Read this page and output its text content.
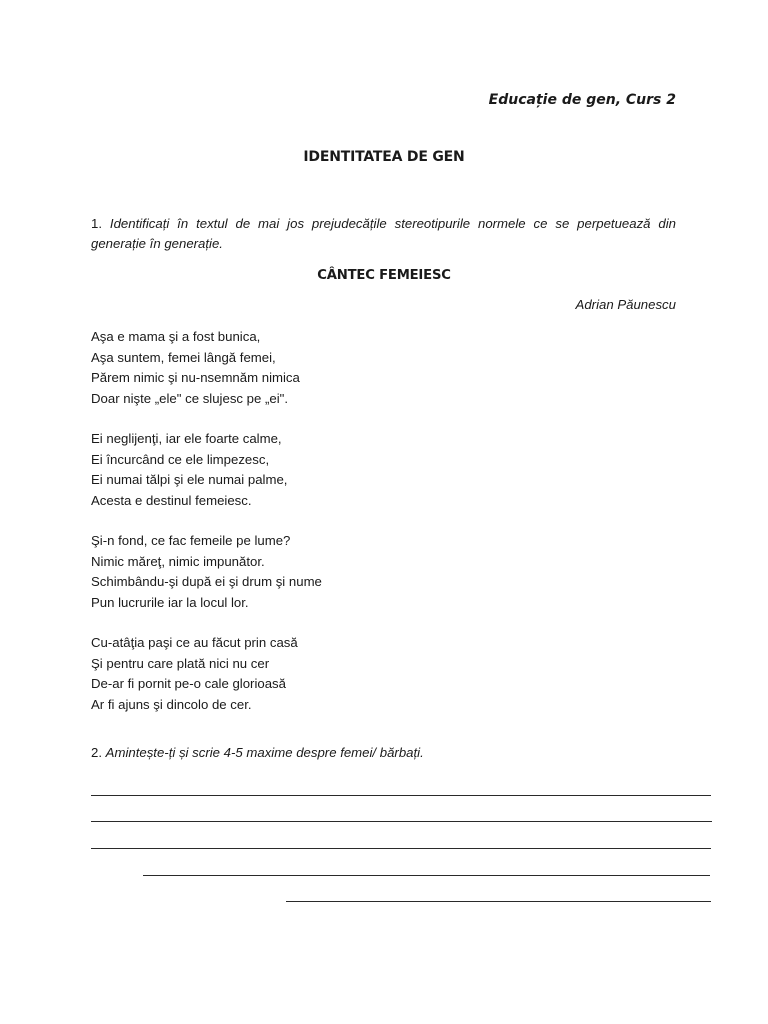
Educație de gen, Curs 2
IDENTITATEA DE GEN
1. Identificați în textul de mai jos prejudecățile stereotipurile normele ce se perpetuează din generație în generație.
CÂNTEC FEMEIESC
Adrian Păunescu
Aşa e mama şi a fost bunica,
Aşa suntem, femei lângă femei,
Părem nimic şi nu-nsemnăm nimica
Doar nişte „ele" ce slujesc pe „ei".
Ei neglijenţi, iar ele foarte calme,
Ei încurcând ce ele limpezesc,
Ei numai tălpi şi ele numai palme,
Acesta e destinul femeiesc.
Şi-n fond, ce fac femeile pe lume?
Nimic măreţ, nimic impunător.
Schimbându-şi după ei şi drum şi nume
Pun lucrurile iar la locul lor.
Cu-atâţia paşi ce au făcut prin casă
Şi pentru care plată nici nu cer
De-ar fi pornit pe-o cale glorioasă
Ar fi ajuns şi dincolo de cer.
2. Amintește-ți și scrie 4-5 maxime despre femei/ bărbați.
